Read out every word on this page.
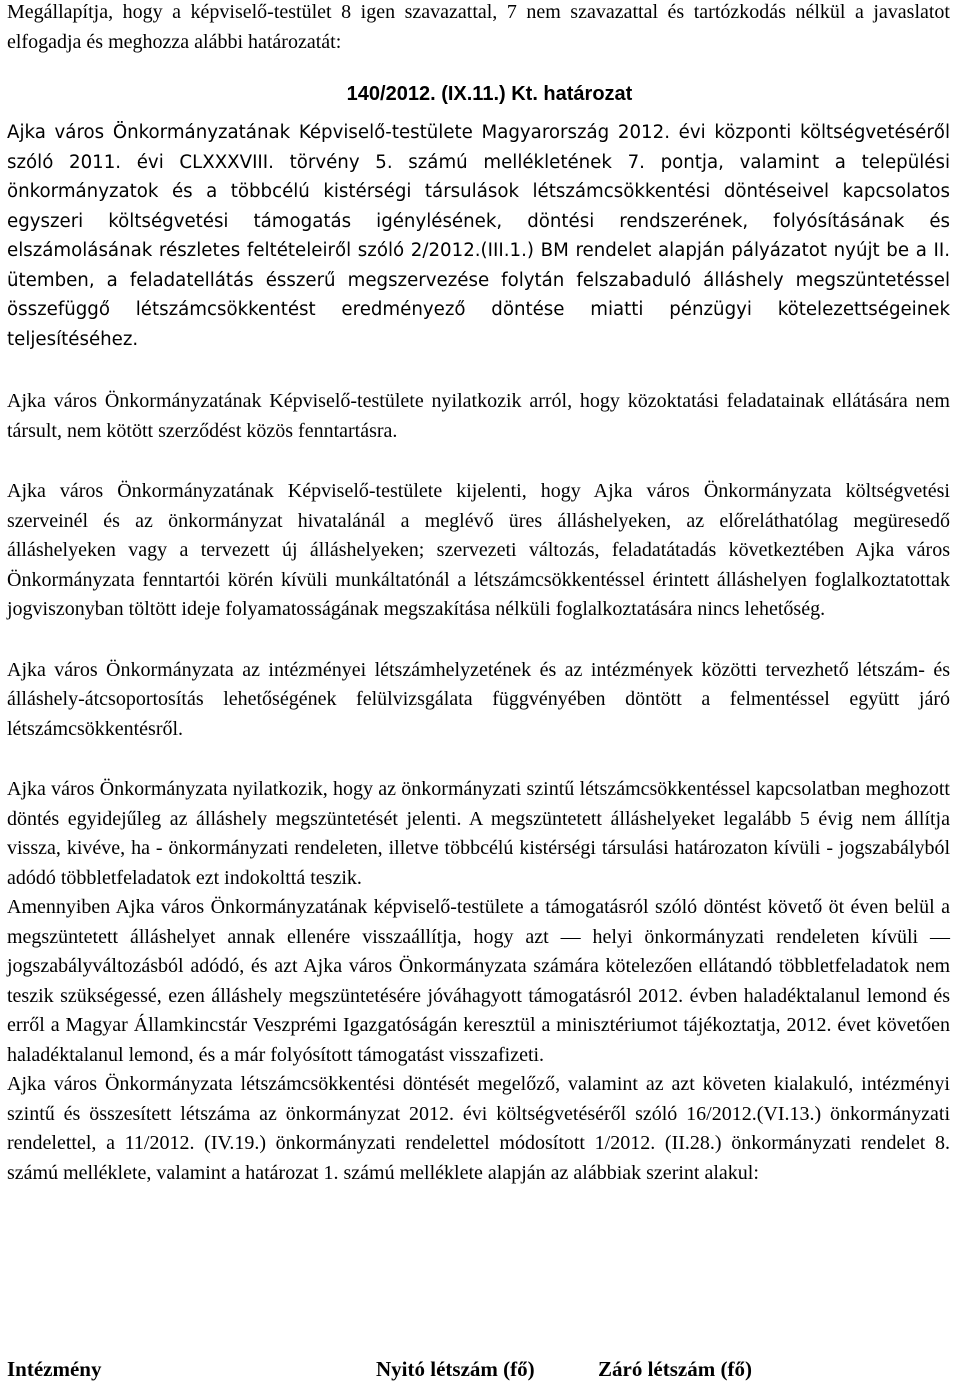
Megállapítja, hogy a képviselő-testület 8 igen szavazattal, 7 nem szavazattal és tartózkodás nélkül a javaslatot elfogadja és meghozza alábbi határozatát:

140/2012. (IX.11.) Kt. határozat

Ajka város Önkormányzatának Képviselő-testülete Magyarország 2012. évi központi költségvetéséről szóló 2011. évi CLXXXVIII. törvény 5. számú mellékletének 7. pontja, valamint a települési önkormányzatok és a többcélú kistérségi társulások létszámcsökkentési döntéseivel kapcsolatos egyszeri költségvetési támogatás igénylésének, döntési rendszerének, folyósításának és elszámolásának részletes feltételeiről szóló 2/2012.(III.1.) BM rendelet alapján pályázatot nyújt be a II. ütemben, a feladatellátás ésszerű megszervezése folytán felszabaduló álláshely megszüntetéssel összefüggő létszámcsökkentést eredményező döntése miatti pénzügyi kötelezettségeinek teljesítéséhez.

Ajka város Önkormányzatának Képviselő-testülete nyilatkozik arról, hogy közoktatási feladatainak ellátására nem társult, nem kötött szerződést közös fenntartásra.

Ajka város Önkormányzatának Képviselő-testülete kijelenti, hogy Ajka város Önkormányzata költségvetési szerveinél és az önkormányzat hivatalánál a meglévő üres álláshelyeken, az előreláthatólag megüresedő álláshelyeken vagy a tervezett új álláshelyeken; szervezeti változás, feladatátadás következtében Ajka város Önkormányzata fenntartói körén kívüli munkáltatónál a létszámcsökkentéssel érintett álláshelyen foglalkoztatottak jogviszonyban töltött ideje folyamatosságának megszakítása nélküli foglalkoztatására nincs lehetőség.

Ajka város Önkormányzata az intézményei létszámhelyzetének és az intézmények közötti tervezhető létszám- és álláshely-átcsoportosítás lehetőségének felülvizsgálata függvényében döntött a felmentéssel együtt járó létszámcsökkentésről.

Ajka város Önkormányzata nyilatkozik, hogy az önkormányzati szintű létszámcsökkentéssel kapcsolatban meghozott döntés egyidejűleg az álláshely megszüntetését jelenti. A megszüntetett álláshelyeket legalább 5 évig nem állítja vissza, kivéve, ha - önkormányzati rendeleten, illetve többcélú kistérségi társulási határozaton kívüli - jogszabályból adódó többletfeladatok ezt indokolttá teszik.

Amennyiben Ajka város Önkormányzatának képviselő-testülete a támogatásról szóló döntést követő öt éven belül a megszüntetett álláshelyet annak ellenére visszaállítja, hogy azt — helyi önkormányzati rendeleten kívüli — jogszabályváltozásból adódó, és azt Ajka város Önkormányzata számára kötelezően ellátandó többletfeladatok nem teszik szükségessé, ezen álláshely megszüntetésére jóváhagyott támogatásról 2012. évben haladéktalanul lemond és erről a Magyar Államkincstár Veszprémi Igazgatóságán keresztül a minisztériumot tájékoztatja, 2012. évet követően haladéktalanul lemond, és a már folyósított támogatást visszafizeti.

Ajka város Önkormányzata létszámcsökkentési döntését megelőző, valamint az azt követen kialakuló, intézményi szintű és összesített létszáma az önkormányzat 2012. évi költségvetéséről szóló 16/2012.(VI.13.) önkormányzati rendelettel, a 11/2012. (IV.19.) önkormányzati rendelettel módosított 1/2012. (II.28.) önkormányzati rendelet 8. számú melléklete, valamint a határozat 1. számú melléklete alapján az alábbiak szerint alakul:

Intézmény	Nyitó létszám (fő)	Záró létszám (fő)
